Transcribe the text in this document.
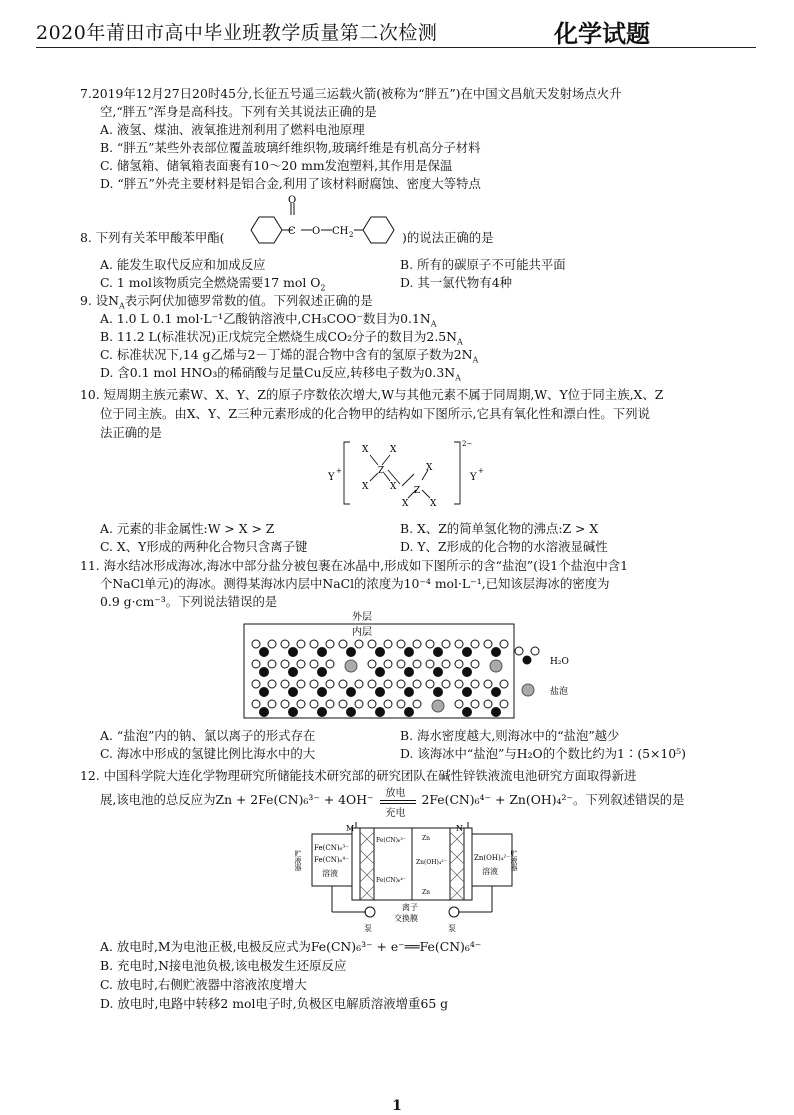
2020年莆田市高中毕业班教学质量第二次检测	化学试题
7.2019年12月27日20时45分,长征五号遥三运载火箭(被称为“胖五”)在中国文昌航天发射场点火升
空,“胖五”浑身是高科技。下列有关其说法正确的是
A. 液氢、煤油、液氧推进剂利用了燃料电池原理
B. “胖五”某些外表部位覆盖玻璃纤维织物,玻璃纤维是有机高分子材料
C. 储氢箱、储氧箱表面裹有10～20 mm发泡塑料,其作用是保温
D. “胖五”外壳主要材料是铝合金,利用了该材料耐腐蚀、密度大等特点
8. 下列有关苯甲酸苯甲酯(
O
C O CH 2	)的说法正确的是
A. 能发生取代反应和加成反应	B. 所有的碳原子不可能共平面
C. 1 mol该物质完全燃烧需要17 mol $O_2$	D. 其一氯代物有4种
9. 设$N_A$表示阿伏加德罗常数的值。下列叙述正确的是
A. 1.0 L 0.1 mol·L⁻¹乙酸钠溶液中,CH₃COO⁻数目为$0.1N_A$
B. 11.2 L(标准状况)正戊烷完全燃烧生成CO₂分子的数目为$2.5N_A$
C. 标准状况下,14 g乙烯与2－丁烯的混合物中含有的氢原子数为$2N_A$
D. 含0.1 mol HNO₃的稀硝酸与足量Cu反应,转移电子数为$0.3N_A$
10. 短周期主族元素W、X、Y、Z的原子序数依次增大,W与其他元素不属于同周期,W、Y位于同主族,X、Z
位于同主族。由X、Y、Z三种元素形成的化合物甲的结构如下图所示,它具有氧化性和漂白性。下列说
法正确的是
Y
+
X X
Z
X X
X
Z
X X
2−
Y
+
A. 元素的非金属性:W > X > Z	B. X、Z的简单氢化物的沸点:Z > X
C. X、Y形成的两种化合物只含离子键	D. Y、Z形成的化合物的水溶液显碱性
11. 海水结冰形成海冰,海冰中部分盐分被包裹在冰晶中,形成如下图所示的含“盐泡”(设1个盐泡中含1
个NaCl单元)的海冰。测得某海冰内层中NaCl的浓度为10⁻⁴ mol·L⁻¹,已知该层海冰的密度为
0.9 g·cm⁻³。下列说法错误的是
外层
内层
H₂O
盐泡
A. “盐泡”内的钠、氯以离子的形式存在	B. 海水密度越大,则海冰中的“盐泡”越少
C. 海冰中形成的氢键比例比海水中的大	D. 该海冰中“盐泡”与H₂O的个数比约为1∶(5×10⁵)
12. 中国科学院大连化学物理研究所储能技术研究部的研究团队在碱性锌铁液流电池研究方面取得新进
展,该电池的总反应为Zn + 2Fe(CN)₆³⁻ + 4OH⁻ 放电
充电
2Fe(CN)₆⁴⁻ + Zn(OH)₄²⁻。下列叙述错误的是
M	N
贮液器	贮液器
Fe(CN)₆³⁻
Fe(CN)₆⁴⁻
溶液
Zn(OH)₄²⁻
溶液
Fe(CN)₆³⁻
Fe(CN)₆⁴⁻
Zn
Zn(OH)₄²⁻
Zn
离子
交换膜
泵	泵
A. 放电时,M为电池正极,电极反应式为Fe(CN)₆³⁻ + e⁻══Fe(CN)₆⁴⁻
B. 充电时,N接电池负极,该电极发生还原反应
C. 放电时,右侧贮液器中溶液浓度增大
D. 放电时,电路中转移2 mol电子时,负极区电解质溶液增重65 g
1
